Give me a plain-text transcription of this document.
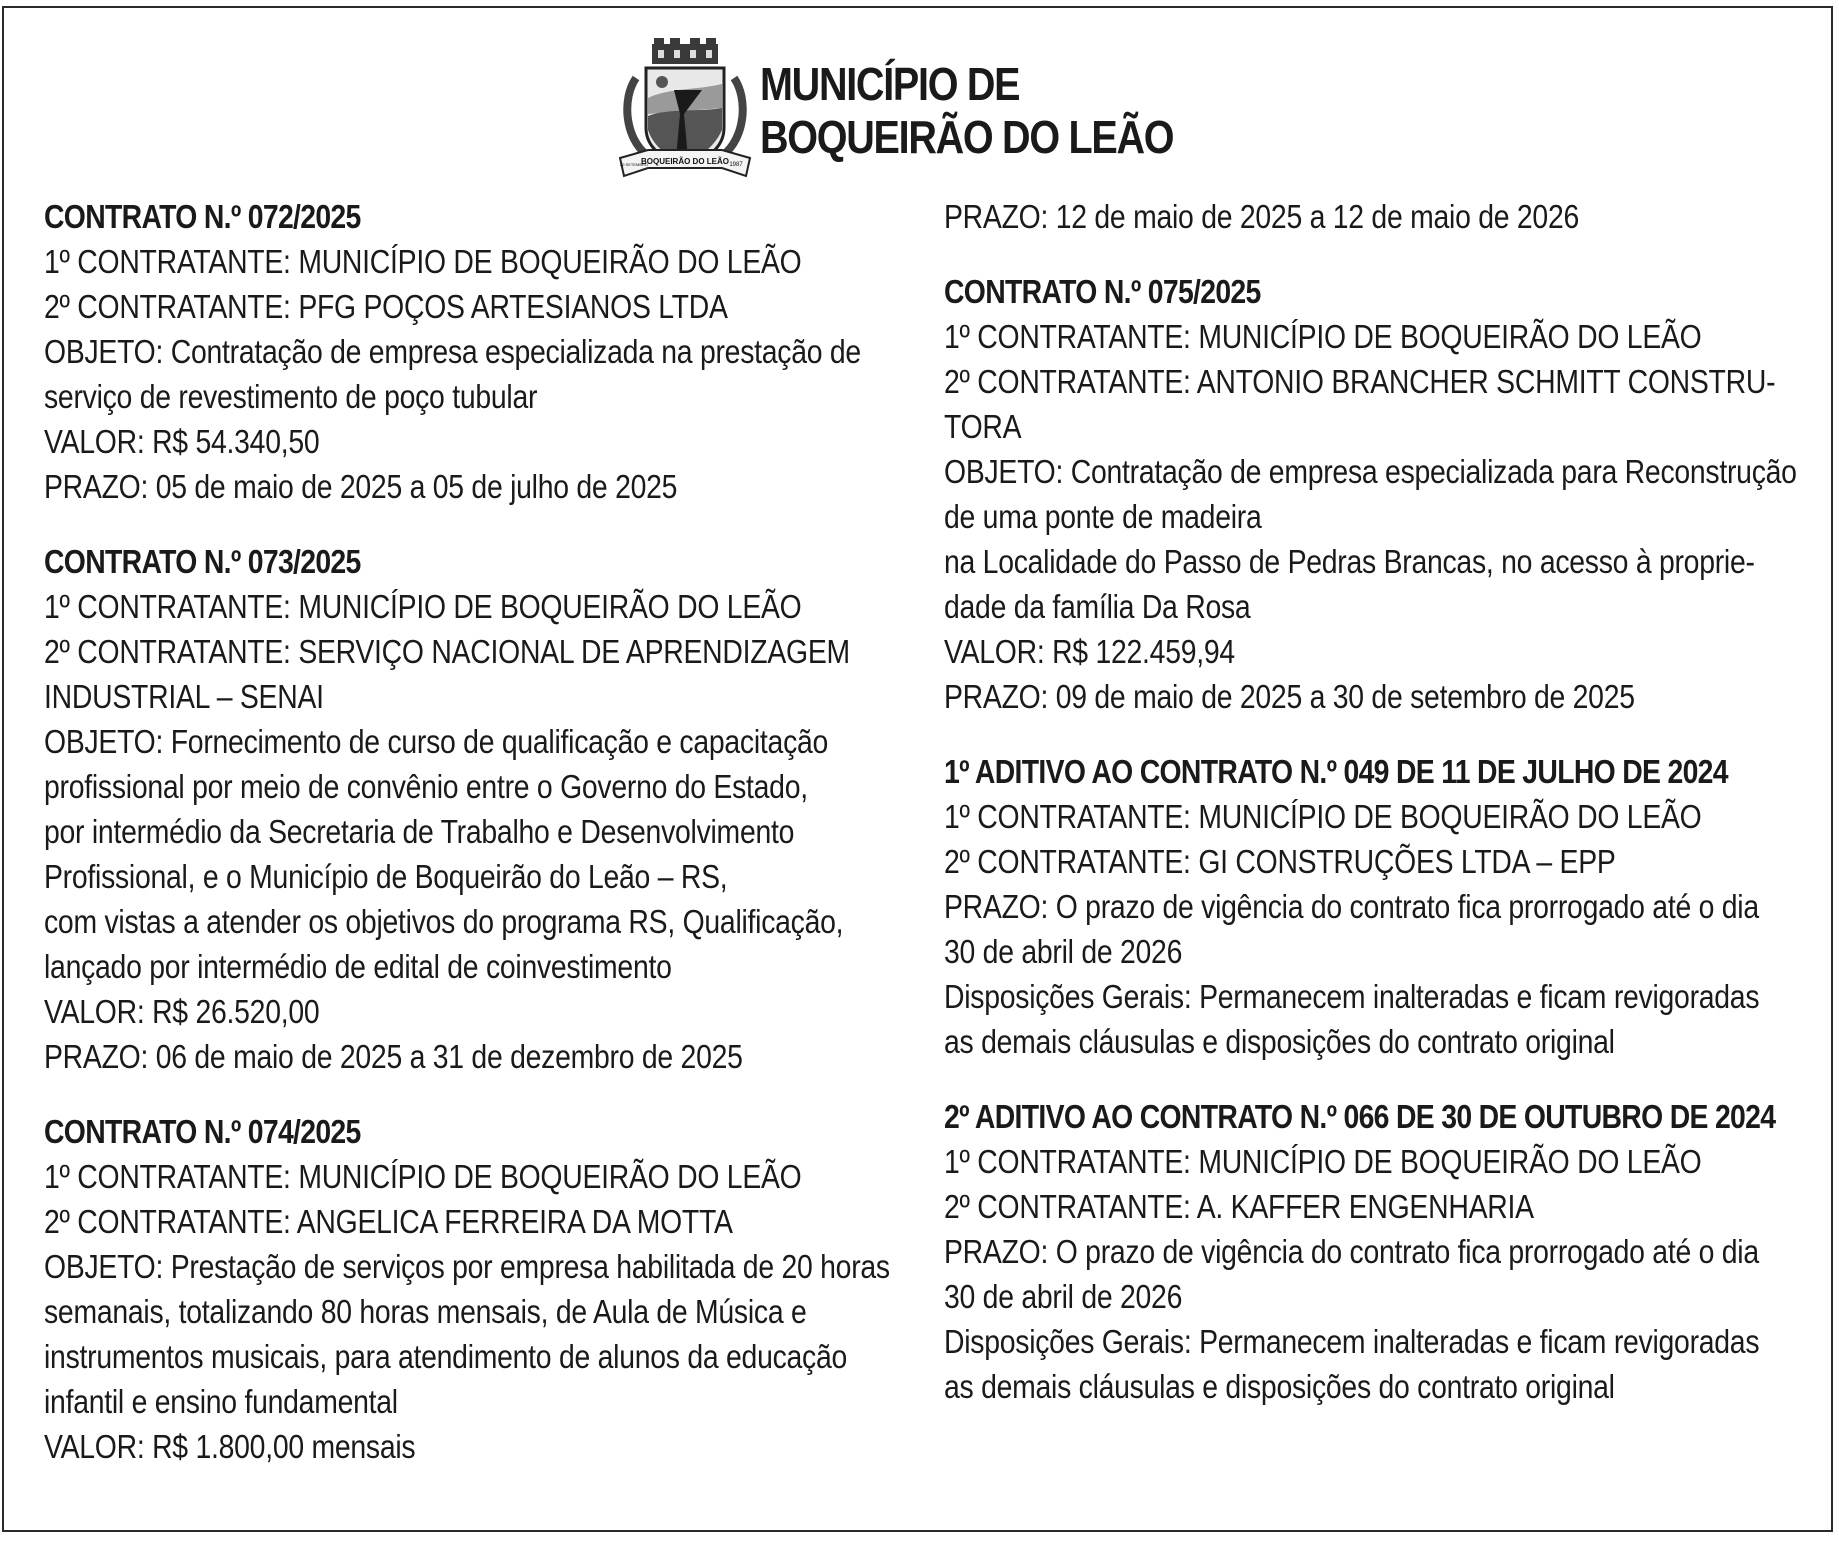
BOQUEIRÃO DO LEÃO
20 SETEMBRO	1987
MUNICÍPIO DE
BOQUEIRÃO DO LEÃO
CONTRATO N.º 072/2025
1º CONTRATANTE: MUNICÍPIO DE BOQUEIRÃO DO LEÃO
2º CONTRATANTE: PFG POÇOS ARTESIANOS LTDA
OBJETO: Contratação de empresa especializada na prestação de
serviço de revestimento de poço tubular
VALOR: R$ 54.340,50
PRAZO: 05 de maio de 2025 a 05 de julho de 2025
CONTRATO N.º 073/2025
1º CONTRATANTE: MUNICÍPIO DE BOQUEIRÃO DO LEÃO
2º CONTRATANTE: SERVIÇO NACIONAL DE APRENDIZAGEM
INDUSTRIAL – SENAI
OBJETO: Fornecimento de curso de qualificação e capacitação
profissional por meio de convênio entre o Governo do Estado,
por intermédio da Secretaria de Trabalho e Desenvolvimento
Profissional, e o Município de Boqueirão do Leão – RS,
com vistas a atender os objetivos do programa RS, Qualificação,
lançado por intermédio de edital de coinvestimento
VALOR: R$ 26.520,00
PRAZO: 06 de maio de 2025 a 31 de dezembro de 2025
CONTRATO N.º 074/2025
1º CONTRATANTE: MUNICÍPIO DE BOQUEIRÃO DO LEÃO
2º CONTRATANTE: ANGELICA FERREIRA DA MOTTA
OBJETO: Prestação de serviços por empresa habilitada de 20 horas
semanais, totalizando 80 horas mensais, de Aula de Música e
instrumentos musicais, para atendimento de alunos da educação
infantil e ensino fundamental
VALOR: R$ 1.800,00 mensais
PRAZO: 12 de maio de 2025 a 12 de maio de 2026
CONTRATO N.º 075/2025
1º CONTRATANTE: MUNICÍPIO DE BOQUEIRÃO DO LEÃO
2º CONTRATANTE: ANTONIO BRANCHER SCHMITT CONSTRU-
TORA
OBJETO: Contratação de empresa especializada para Reconstrução
de uma ponte de madeira
na Localidade do Passo de Pedras Brancas, no acesso à proprie-
dade da família Da Rosa
VALOR: R$ 122.459,94
PRAZO: 09 de maio de 2025 a 30 de setembro de 2025
1º ADITIVO AO CONTRATO N.º 049 DE 11 DE JULHO DE 2024
1º CONTRATANTE: MUNICÍPIO DE BOQUEIRÃO DO LEÃO
2º CONTRATANTE: GI CONSTRUÇÕES LTDA – EPP
PRAZO: O prazo de vigência do contrato fica prorrogado até o dia
30 de abril de 2026
Disposições Gerais: Permanecem inalteradas e ficam revigoradas
as demais cláusulas e disposições do contrato original
2º ADITIVO AO CONTRATO N.º 066 DE 30 DE OUTUBRO DE 2024
1º CONTRATANTE: MUNICÍPIO DE BOQUEIRÃO DO LEÃO
2º CONTRATANTE: A. KAFFER ENGENHARIA
PRAZO: O prazo de vigência do contrato fica prorrogado até o dia
30 de abril de 2026
Disposições Gerais: Permanecem inalteradas e ficam revigoradas
as demais cláusulas e disposições do contrato original
